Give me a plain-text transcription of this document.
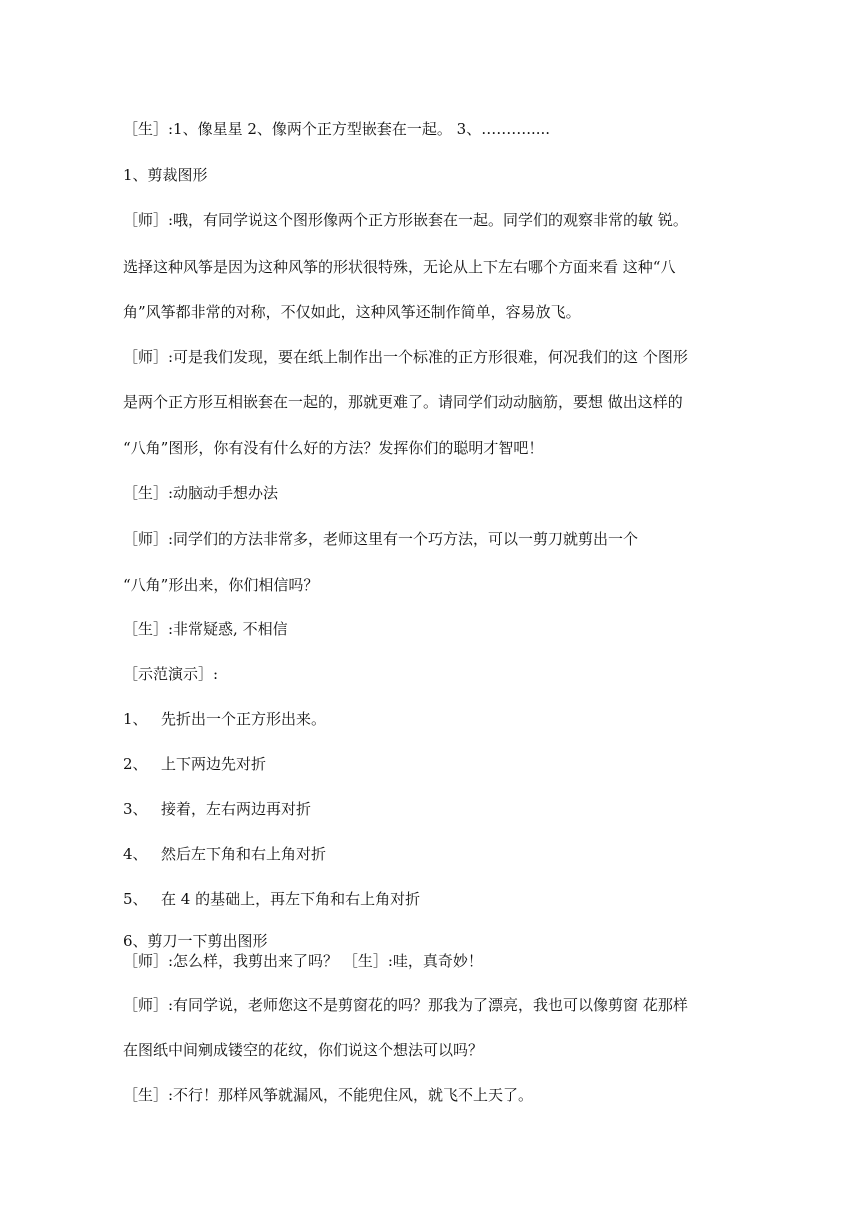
［生］:1、像星星 2、像两个正方型嵌套在一起。 3、……….....
1、剪裁图形
［师］:哦，有同学说这个图形像两个正方形嵌套在一起。同学们的观察非常的敏 锐。
选择这种风筝是因为这种风筝的形状很特殊，无论从上下左右哪个方面来看 这种“八
角”风筝都非常的对称，不仅如此，这种风筝还制作简单，容易放飞。
［师］:可是我们发现，要在纸上制作出一个标准的正方形很难，何况我们的这 个图形
是两个正方形互相嵌套在一起的，那就更难了。请同学们动动脑筋，要想 做出这样的
“八角”图形，你有没有什么好的方法？发挥你们的聪明才智吧！
［生］:动脑动手想办法
［师］:同学们的方法非常多，老师这里有一个巧方法，可以一剪刀就剪出一个
“八角”形出来，你们相信吗？
［生］:非常疑惑, 不相信
［示范演示］:
1、 先折出一个正方形出来。
2、 上下两边先对折
3、 接着，左右两边再对折
4、 然后左下角和右上角对折
5、 在 4 的基础上，再左下角和右上角对折
6、剪刀一下剪出图形
［师］:怎么样，我剪出来了吗？ ［生］:哇，真奇妙！
［师］:有同学说，老师您这不是剪窗花的吗？那我为了漂亮，我也可以像剪窗 花那样
在图纸中间剜成镂空的花纹，你们说这个想法可以吗？
［生］:不行！那样风筝就漏风，不能兜住风，就飞不上天了。
